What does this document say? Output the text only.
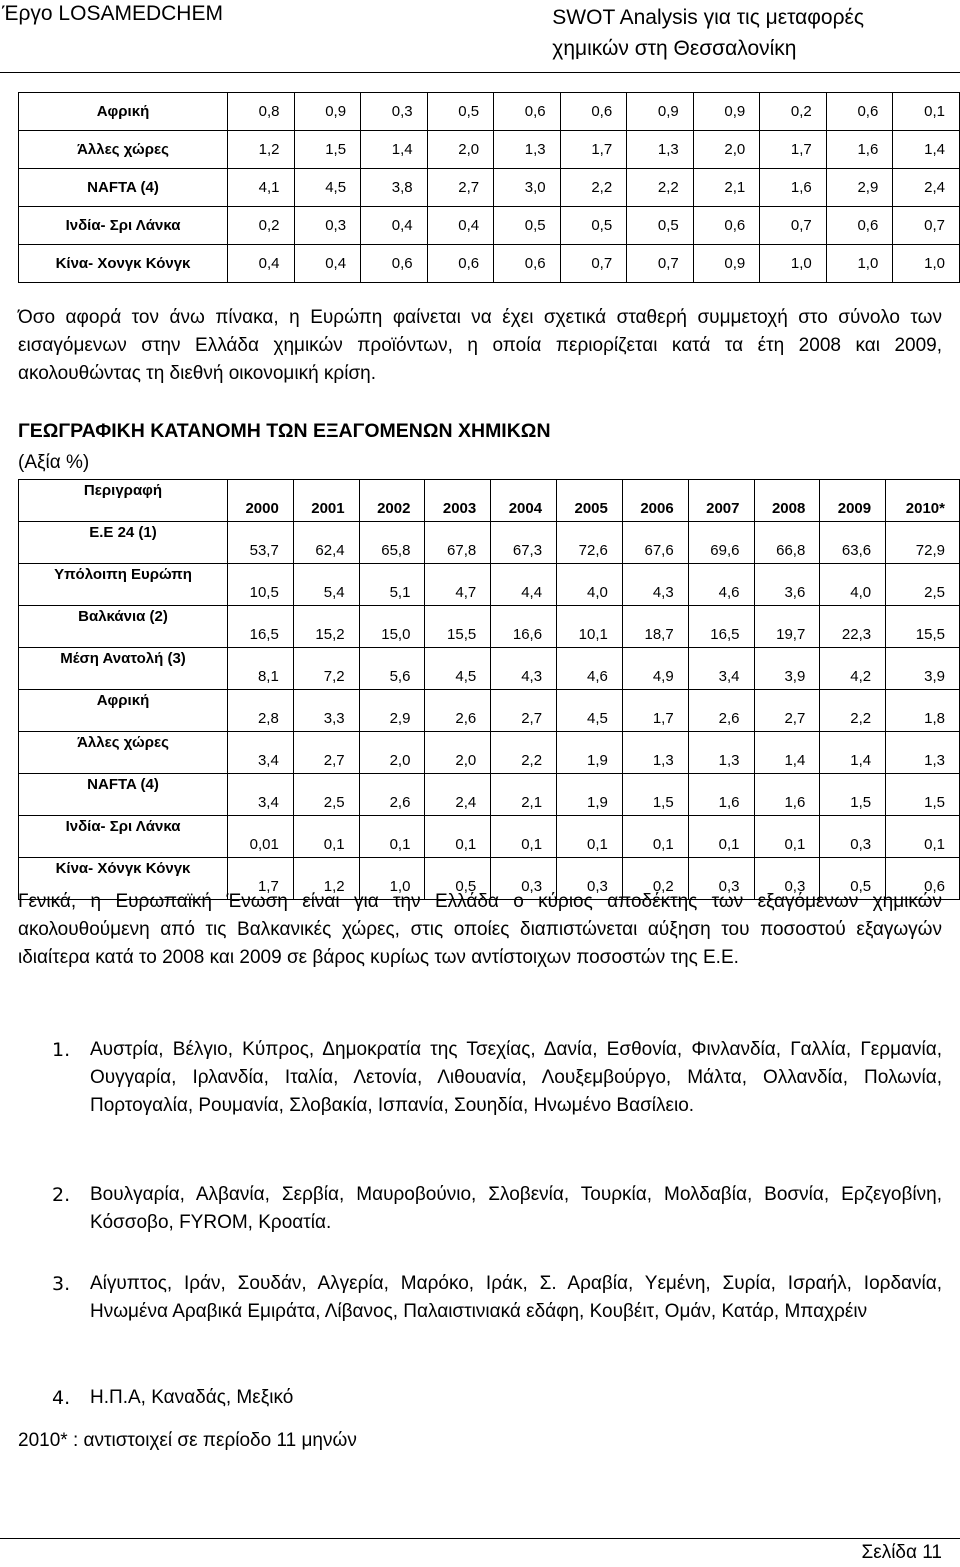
Έργο LOSAMEDCHEM	SWOT Analysis για τις μεταφορές
χημικών στη Θεσσαλονίκη
Αφρική	0,8	0,9	0,3	0,5	0,6	0,6	0,9	0,9	0,2	0,6	0,1
Άλλες χώρες	1,2	1,5	1,4	2,0	1,3	1,7	1,3	2,0	1,7	1,6	1,4
NAFTA (4)	4,1	4,5	3,8	2,7	3,0	2,2	2,2	2,1	1,6	2,9	2,4
Ινδία- Σρι Λάνκα	0,2	0,3	0,4	0,4	0,5	0,5	0,5	0,6	0,7	0,6	0,7
Κίνα- Χονγκ Κόνγκ	0,4	0,4	0,6	0,6	0,6	0,7	0,7	0,9	1,0	1,0	1,0
Όσο αφορά τον άνω πίνακα, η Ευρώπη φαίνεται να έχει σχετικά σταθερή συμμετοχή στο σύνολο των εισαγόμενων στην Ελλάδα χημικών προϊόντων, η οποία περιορίζεται κατά τα έτη 2008 και 2009, ακολουθώντας τη διεθνή οικονομική κρίση.
ΓΕΩΓΡΑΦΙΚΗ ΚΑΤΑΝΟΜΗ ΤΩΝ ΕΞΑΓΟΜΕΝΩΝ ΧΗΜΙΚΩΝ
(Αξία %)
Περιγραφή	2000	2001	2002	2003	2004	2005	2006	2007	2008	2009	2010*
Ε.Ε 24 (1)	53,7	62,4	65,8	67,8	67,3	72,6	67,6	69,6	66,8	63,6	72,9
Υπόλοιπη Ευρώπη	10,5	5,4	5,1	4,7	4,4	4,0	4,3	4,6	3,6	4,0	2,5
Βαλκάνια (2)	16,5	15,2	15,0	15,5	16,6	10,1	18,7	16,5	19,7	22,3	15,5
Μέση Ανατολή (3)	8,1	7,2	5,6	4,5	4,3	4,6	4,9	3,4	3,9	4,2	3,9
Αφρική	2,8	3,3	2,9	2,6	2,7	4,5	1,7	2,6	2,7	2,2	1,8
Άλλες χώρες	3,4	2,7	2,0	2,0	2,2	1,9	1,3	1,3	1,4	1,4	1,3
NAFTA (4)	3,4	2,5	2,6	2,4	2,1	1,9	1,5	1,6	1,6	1,5	1,5
Ινδία- Σρι Λάνκα	0,01	0,1	0,1	0,1	0,1	0,1	0,1	0,1	0,1	0,3	0,1
Κίνα- Χόνγκ Κόνγκ	1,7	1,2	1,0	0,5	0,3	0,3	0,2	0,3	0,3	0,5	0,6
Γενικά, η Ευρωπαϊκή Ένωση είναι για την Ελλάδα ο κύριος αποδέκτης των εξαγόμενων χημικών ακολουθούμενη από τις Βαλκανικές χώρες, στις οποίες διαπιστώνεται αύξηση του ποσοστού εξαγωγών ιδιαίτερα κατά το 2008 και 2009 σε βάρος κυρίως των αντίστοιχων ποσοστών της Ε.Ε.
1. Αυστρία, Βέλγιο, Κύπρος, Δημοκρατία της Τσεχίας, Δανία, Εσθονία, Φινλανδία, Γαλλία, Γερμανία, Ουγγαρία, Ιρλανδία, Ιταλία, Λετονία, Λιθουανία, Λουξεμβούργο, Μάλτα, Ολλανδία, Πολωνία, Πορτογαλία, Ρουμανία, Σλοβακία, Ισπανία, Σουηδία, Ηνωμένο Βασίλειο.
2. Βουλγαρία, Αλβανία, Σερβία, Μαυροβούνιο, Σλοβενία, Τουρκία, Μολδαβία, Βοσνία, Ερζεγοβίνη, Κόσσοβο, FYROM, Κροατία.
3. Αίγυπτος, Ιράν, Σουδάν, Αλγερία, Μαρόκο, Ιράκ, Σ. Αραβία, Υεμένη, Συρία, Ισραήλ, Ιορδανία, Ηνωμένα Αραβικά Εμιράτα, Λίβανος, Παλαιστινιακά εδάφη, Κουβέιτ, Ομάν, Κατάρ, Μπαχρέιν
4. Η.Π.Α, Καναδάς, Μεξικό
2010* : αντιστοιχεί σε περίοδο 11 μηνών
Σελίδα 11
